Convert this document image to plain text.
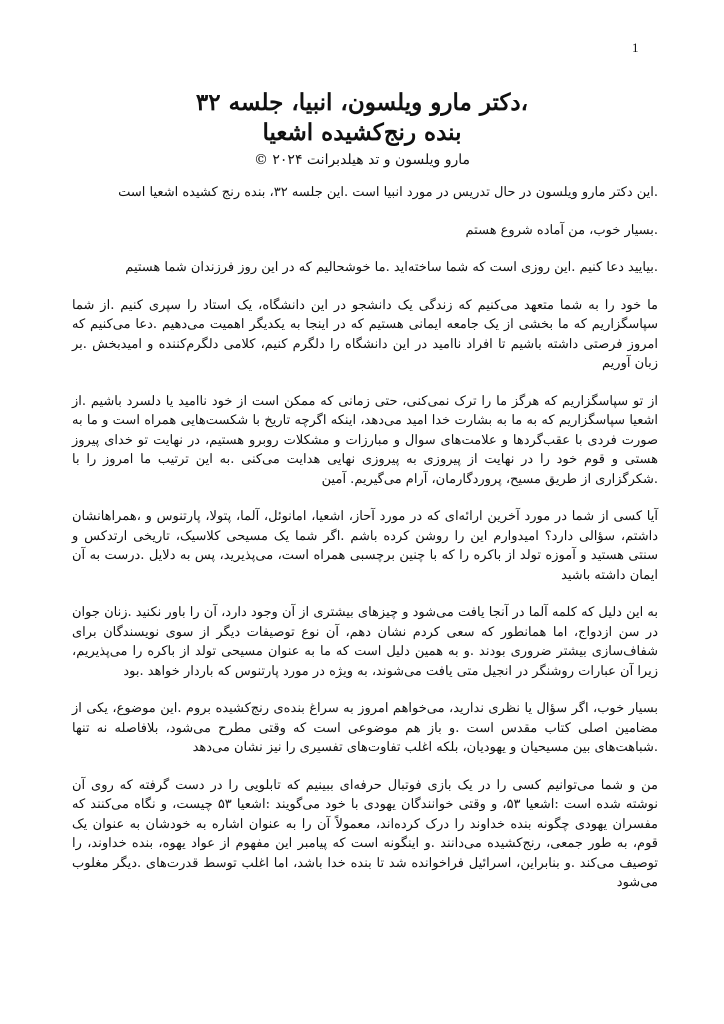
1
،دکتر مارو ویلسون، انبیا، جلسه ۳۲
بنده رنج‌کشیده اشعیا
مارو ویلسون و تد هیلدبرانت ۲۰۲۴ ©

.این دکتر مارو ویلسون در حال تدریس در مورد انبیا است .این جلسه ۳۲، بنده رنج کشیده اشعیا است

.بسیار خوب، من آماده شروع هستم

.بیایید دعا کنیم .این روزی است که شما ساخته‌اید .ما خوشحالیم که در این روز فرزندان شما هستیم

ما خود را به شما متعهد می‌کنیم که زندگی یک دانشجو در این دانشگاه، یک استاد را سپری کنیم .از شما سپاسگزاریم که ما بخشی از یک جامعه ایمانی هستیم که در اینجا به یکدیگر اهمیت می‌دهیم .دعا می‌کنیم که امروز فرصتی داشته باشیم تا افراد ناامید در این دانشگاه را دلگرم کنیم، کلامی دلگرم‌کننده و امیدبخش .بر زبان آوریم

از تو سپاسگزاریم که هرگز ما را ترک نمی‌کنی، حتی زمانی که ممکن است از خود ناامید یا دلسرد باشیم .از اشعیا سپاسگزاریم که به ما به بشارت خدا امید می‌دهد، اینکه اگرچه تاریخ با شکست‌هایی همراه است و ما به صورت فردی با عقب‌گردها و علامت‌های سوال و مبارزات و مشکلات روبرو هستیم، در نهایت تو خدای پیروز هستی و قوم خود را در نهایت از پیروزی به پیروزی نهایی هدایت می‌کنی .به این ترتیب ما امروز را با .شکرگزاری از طریق مسیح، پروردگارمان، آرام می‌گیریم. آمین

آیا کسی از شما در مورد آخرین ارائه‌ای که در مورد آحاز، اشعیا، امانوئل، آلما، پتولا، پارتنوس و ،همراهانشان داشتم، سؤالی دارد؟ امیدوارم این را روشن کرده باشم .اگر شما یک مسیحی کلاسیک، تاریخی ارتدکس و سنتی هستید و آموزه تولد از باکره را که با چنین برچسبی همراه است، می‌پذیرید، پس به دلایل .درست به آن ایمان داشته باشید

به این دلیل که کلمه آلما در آنجا یافت می‌شود و چیزهای بیشتری از آن وجود دارد، آن را باور نکنید .زنان جوان در سن ازدواج، اما همانطور که سعی کردم نشان دهم، آن نوع توصیفات دیگر از سوی نویسندگان برای شفاف‌سازی بیشتر ضروری بودند .و به همین دلیل است که ما به عنوان مسیحی تولد از باکره را می‌پذیریم، زیرا آن عبارات روشنگر در انجیل متی یافت می‌شوند، به ویژه در مورد پارتنوس که باردار خواهد .بود

بسیار خوب، اگر سؤال یا نظری ندارید، می‌خواهم امروز به سراغ بنده‌ی رنج‌کشیده بروم .این موضوع، یکی از مضامین اصلی کتاب مقدس است .و باز هم موضوعی است که وقتی مطرح می‌شود، بلافاصله نه تنها .شباهت‌های بین مسیحیان و یهودیان، بلکه اغلب تفاوت‌های تفسیری را نیز نشان می‌دهد

من و شما می‌توانیم کسی را در یک بازی فوتبال حرفه‌ای ببینیم که تابلویی را در دست گرفته که روی آن نوشته شده است :اشعیا ۵۳، و وقتی خوانندگان یهودی با خود می‌گویند :اشعیا ۵۳ چیست، و نگاه می‌کنند که مفسران یهودی چگونه بنده خداوند را درک کرده‌اند، معمولاً آن را به عنوان اشاره به خودشان به عنوان یک قوم، به طور جمعی، رنج‌کشیده می‌دانند .و اینگونه است که پیامبر این مفهوم از عواد یهوه، بنده خداوند، را توصیف می‌کند .و بنابراین، اسرائیل فراخوانده شد تا بنده خدا باشد، اما اغلب توسط قدرت‌های .دیگر مغلوب می‌شود
